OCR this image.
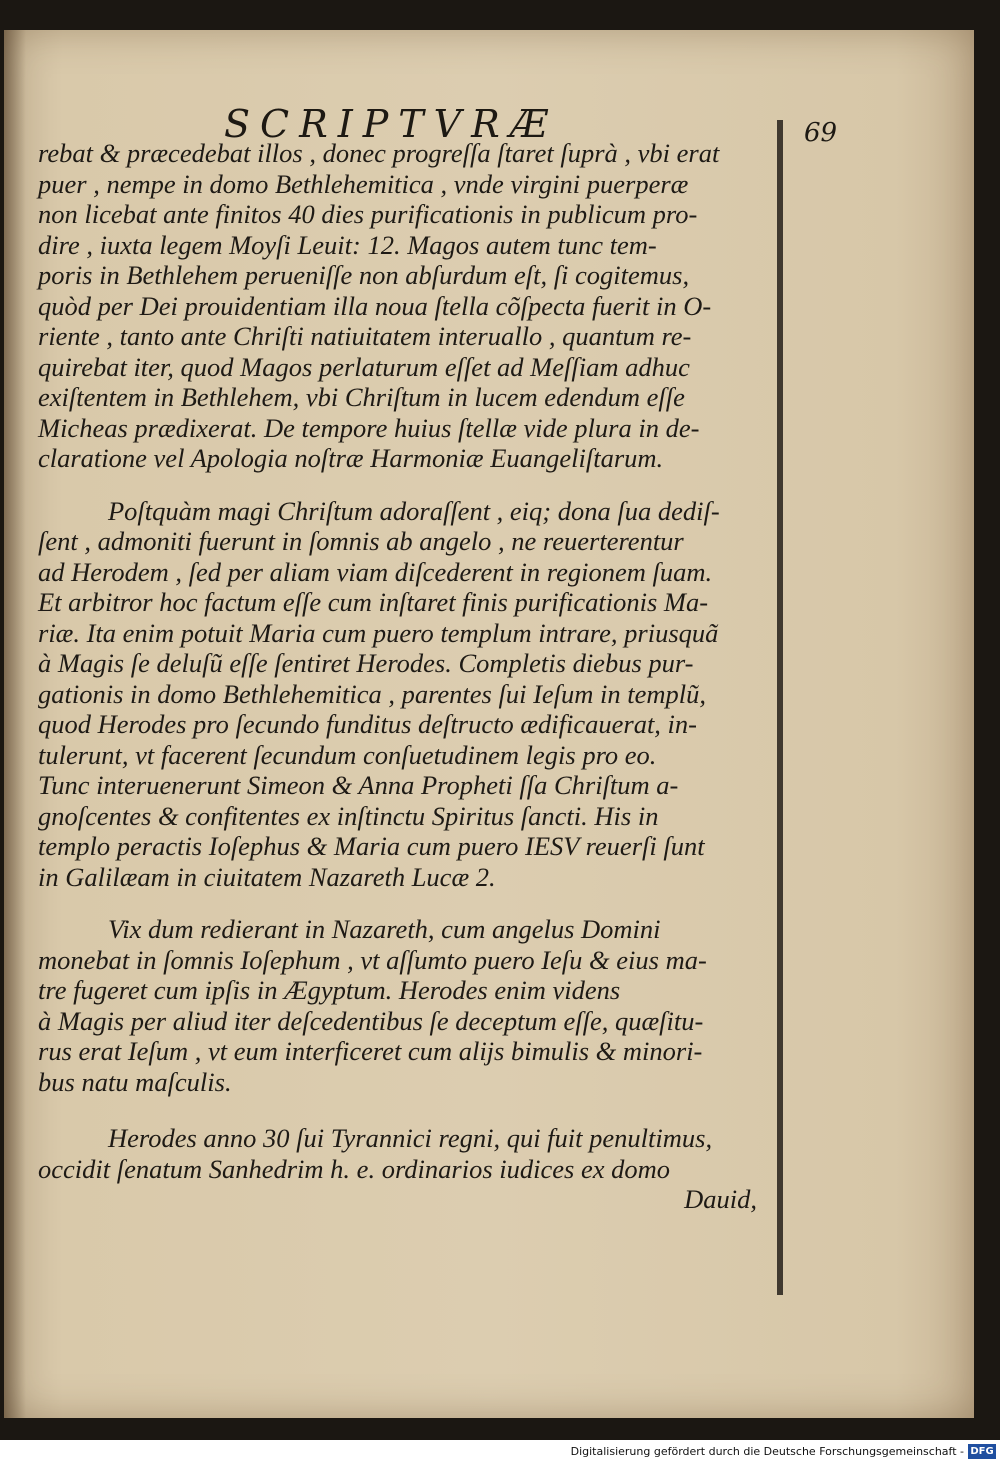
SCRIPTVRÆ	69
rebat & præcedebat illos , donec progreſſa ſtaret ſuprà , vbi erat
puer , nempe in domo Bethlehemitica , vnde virgini puerperæ
non licebat ante finitos 40 dies purificationis in publicum pro-
dire , iuxta legem Moyſi Leuit: 12. Magos autem tunc tem-
poris in Bethlehem perueniſſe non abſurdum eſt, ſi cogitemus,
quòd per Dei prouidentiam illa noua ſtella cõſpecta fuerit in O-
riente , tanto ante Chriſti natiuitatem interuallo , quantum re-
quirebat iter, quod Magos perlaturum eſſet ad Meſſiam adhuc
exiſtentem in Bethlehem, vbi Chriſtum in lucem edendum eſſe
Micheas prædixerat. De tempore huius ſtellæ vide plura in de-
claratione vel Apologia noſtræ Harmoniæ Euangeliſtarum.
Poſtquàm magi Chriſtum adoraſſent , eiq; dona ſua dediſ-
ſent , admoniti fuerunt in ſomnis ab angelo , ne reuerterentur
ad Herodem , ſed per aliam viam diſcederent in regionem ſuam.
Et arbitror hoc factum eſſe cum inſtaret finis purificationis Ma-
riæ. Ita enim potuit Maria cum puero templum intrare, priusquã
à Magis ſe deluſũ eſſe ſentiret Herodes. Completis diebus pur-
gationis in domo Bethlehemitica , parentes ſui Ieſum in templũ,
quod Herodes pro ſecundo funditus deſtructo ædificauerat, in-
tulerunt, vt facerent ſecundum conſuetudinem legis pro eo.
Tunc interuenerunt Simeon & Anna Propheti ſſa Chriſtum a-
gnoſcentes & confitentes ex inſtinctu Spiritus ſancti. His in
templo peractis Ioſephus & Maria cum puero IESV reuerſi ſunt
in Galilæam in ciuitatem Nazareth Lucæ 2.
Vix dum redierant in Nazareth, cum angelus Domini
monebat in ſomnis Ioſephum , vt aſſumto puero Ieſu & eius ma-
tre fugeret cum ipſis in Ægyptum. Herodes enim videns
à Magis per aliud iter deſcedentibus ſe deceptum eſſe, quæſitu-
rus erat Ieſum , vt eum interficeret cum alijs bimulis & minori-
bus natu maſculis.
Herodes anno 30 ſui Tyrannici regni, qui fuit penultimus,
occidit ſenatum Sanhedrim h. e. ordinarios iudices ex domo
Dauid,
Digitalisierung gefördert durch die Deutsche Forschungsgemeinschaft - DFG
